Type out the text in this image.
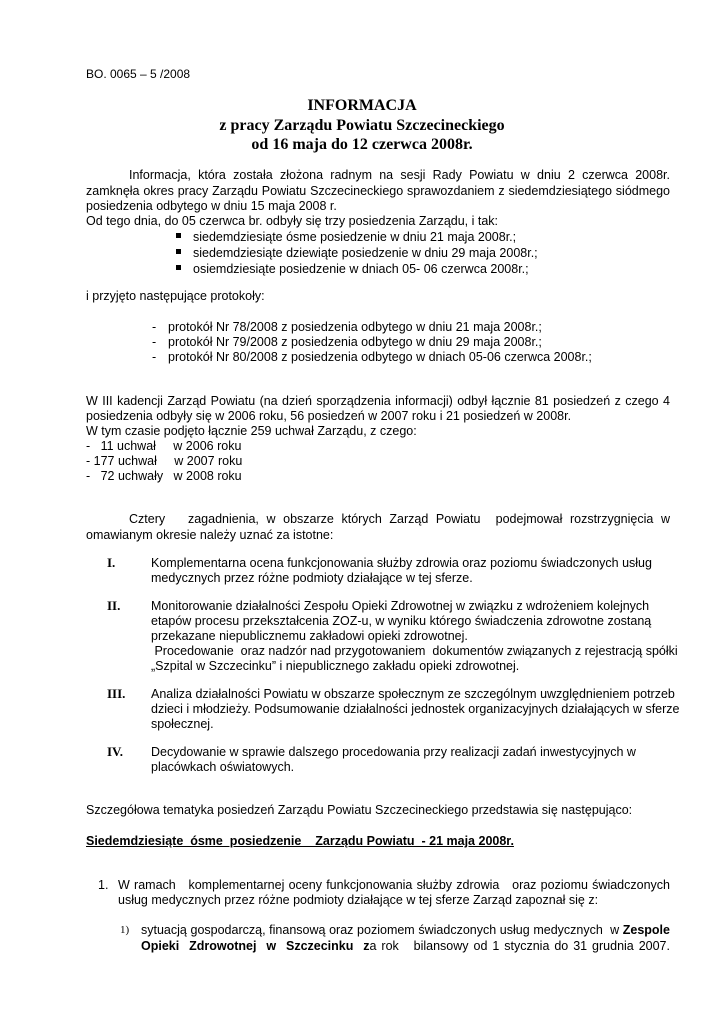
BO. 0065 – 5 /2008
INFORMACJA
z pracy Zarządu Powiatu Szczecineckiego
od 16 maja do 12 czerwca 2008r.
Informacja, która została złożona radnym na sesji Rady Powiatu w dniu 2 czerwca 2008r.
zamknęła okres pracy Zarządu Powiatu Szczecineckiego sprawozdaniem z siedemdziesiątego siódmego
posiedzenia odbytego w dniu 15 maja 2008 r.
Od tego dnia, do 05 czerwca br. odbyły się trzy posiedzenia Zarządu, i tak:
siedemdziesiąte ósme posiedzenie w dniu 21 maja 2008r.;
siedemdziesiąte dziewiąte posiedzenie w dniu 29 maja 2008r.;
osiemdziesiąte posiedzenie w dniach 05- 06 czerwca 2008r.;
i przyjęto następujące protokoły:
- protokół Nr 78/2008 z posiedzenia odbytego w dniu 21 maja 2008r.;
- protokół Nr 79/2008 z posiedzenia odbytego w dniu 29 maja 2008r.;
- protokół Nr 80/2008 z posiedzenia odbytego w dniach 05-06 czerwca 2008r.;
W III kadencji Zarząd Powiatu (na dzień sporządzenia informacji) odbył łącznie 81 posiedzeń z czego 4
posiedzenia odbyły się w 2006 roku, 56 posiedzeń w 2007 roku i 21 posiedzeń w 2008r.
W tym czasie podjęto łącznie 259 uchwał Zarządu, z czego:
-   11 uchwał     w 2006 roku
- 177 uchwał     w 2007 roku
-   72 uchwały   w 2008 roku
Cztery      zagadnienia,  w  obszarze  których  Zarząd  Powiatu    podejmował  rozstrzygnięcia  w
omawianym okresie należy uznać za istotne:
I.	Komplementarna ocena funkcjonowania służby zdrowia oraz poziomu świadczonych usług
medycznych przez różne podmioty działające w tej sferze.
II. Monitorowanie działalności Zespołu Opieki Zdrowotnej w związku z wdrożeniem kolejnych
etapów procesu przekształcenia ZOZ-u, w wyniku którego świadczenia zdrowotne zostaną
przekazane niepublicznemu zakładowi opieki zdrowotnej.
Procedowanie  oraz nadzór nad przygotowaniem  dokumentów związanych z rejestracją spółki
„Szpital w Szczecinku” i niepublicznego zakładu opieki zdrowotnej.
III. Analiza działalności Powiatu w obszarze społecznym ze szczególnym uwzględnieniem potrzeb
dzieci i młodzieży. Podsumowanie działalności jednostek organizacyjnych działających w sferze
społecznej.
IV. Decydowanie w sprawie dalszego procedowania przy realizacji zadań inwestycyjnych w
placówkach oświatowych.
Szczegółowa tematyka posiedzeń Zarządu Powiatu Szczecineckiego przedstawia się następująco:
Siedemdziesiąte  ósme  posiedzenie    Zarządu Powiatu  - 21 maja 2008r.
1. W ramach   komplementarnej oceny funkcjonowania służby zdrowia   oraz poziomu świadczonych
usług medycznych przez różne podmioty działające w tej sferze Zarząd zapoznał się z:
1) sytuacją gospodarczą, finansową oraz poziomem świadczonych usług medycznych  w Zespole
Opieki  Zdrowotnej  w  Szczecinku  za rok   bilansowy od 1 stycznia do 31 grudnia 2007.
